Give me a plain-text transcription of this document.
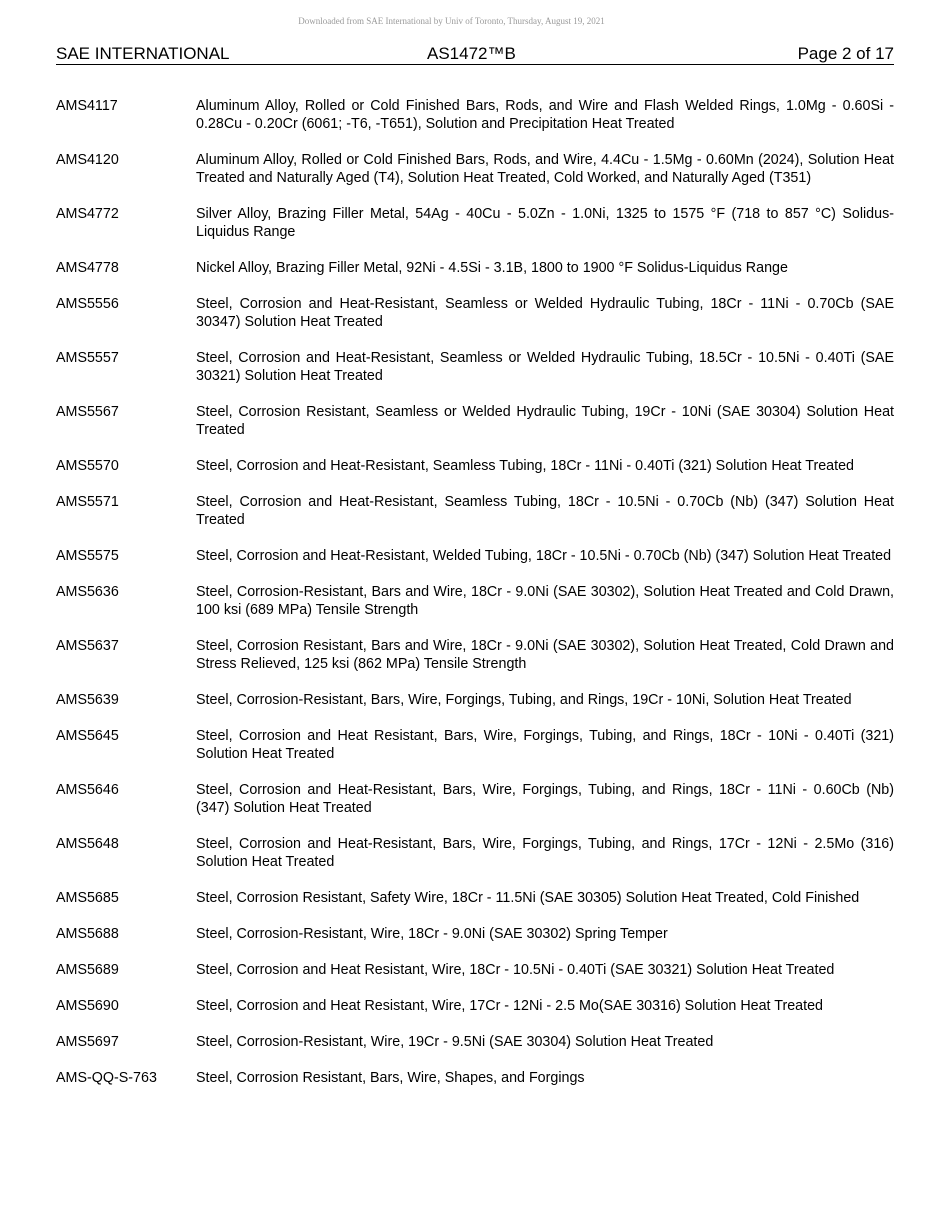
Downloaded from SAE International by Univ of Toronto, Thursday, August 19, 2021
SAE INTERNATIONAL	AS1472™B	Page 2 of 17
AMS4117	Aluminum Alloy, Rolled or Cold Finished Bars, Rods, and Wire and Flash Welded Rings, 1.0Mg - 0.60Si - 0.28Cu - 0.20Cr (6061; -T6, -T651), Solution and Precipitation Heat Treated
AMS4120	Aluminum Alloy, Rolled or Cold Finished Bars, Rods, and Wire, 4.4Cu - 1.5Mg - 0.60Mn (2024), Solution Heat Treated and Naturally Aged (T4), Solution Heat Treated, Cold Worked, and Naturally Aged (T351)
AMS4772	Silver Alloy, Brazing Filler Metal, 54Ag - 40Cu - 5.0Zn - 1.0Ni, 1325 to 1575 °F (718 to 857 °C) Solidus-Liquidus Range
AMS4778	Nickel Alloy, Brazing Filler Metal, 92Ni - 4.5Si - 3.1B, 1800 to 1900 °F Solidus-Liquidus Range
AMS5556	Steel, Corrosion and Heat-Resistant, Seamless or Welded Hydraulic Tubing, 18Cr - 11Ni - 0.70Cb (SAE 30347) Solution Heat Treated
AMS5557	Steel, Corrosion and Heat-Resistant, Seamless or Welded Hydraulic Tubing, 18.5Cr - 10.5Ni - 0.40Ti (SAE 30321) Solution Heat Treated
AMS5567	Steel, Corrosion Resistant, Seamless or Welded Hydraulic Tubing, 19Cr - 10Ni (SAE 30304) Solution Heat Treated
AMS5570	Steel, Corrosion and Heat-Resistant, Seamless Tubing, 18Cr - 11Ni - 0.40Ti (321) Solution Heat Treated
AMS5571	Steel, Corrosion and Heat-Resistant, Seamless Tubing, 18Cr - 10.5Ni - 0.70Cb (Nb) (347) Solution Heat Treated
AMS5575	Steel, Corrosion and Heat-Resistant, Welded Tubing, 18Cr - 10.5Ni - 0.70Cb (Nb) (347) Solution Heat Treated
AMS5636	Steel, Corrosion-Resistant, Bars and Wire, 18Cr - 9.0Ni (SAE 30302), Solution Heat Treated and Cold Drawn, 100 ksi (689 MPa) Tensile Strength
AMS5637	Steel, Corrosion Resistant, Bars and Wire, 18Cr - 9.0Ni (SAE 30302), Solution Heat Treated, Cold Drawn and Stress Relieved, 125 ksi (862 MPa) Tensile Strength
AMS5639	Steel, Corrosion-Resistant, Bars, Wire, Forgings, Tubing, and Rings, 19Cr - 10Ni, Solution Heat Treated
AMS5645	Steel, Corrosion and Heat Resistant, Bars, Wire, Forgings, Tubing, and Rings, 18Cr - 10Ni - 0.40Ti (321) Solution Heat Treated
AMS5646	Steel, Corrosion and Heat-Resistant, Bars, Wire, Forgings, Tubing, and Rings, 18Cr - 11Ni - 0.60Cb (Nb) (347) Solution Heat Treated
AMS5648	Steel, Corrosion and Heat-Resistant, Bars, Wire, Forgings, Tubing, and Rings, 17Cr - 12Ni - 2.5Mo (316) Solution Heat Treated
AMS5685	Steel, Corrosion Resistant, Safety Wire, 18Cr - 11.5Ni (SAE 30305) Solution Heat Treated, Cold Finished
AMS5688	Steel, Corrosion-Resistant, Wire, 18Cr - 9.0Ni (SAE 30302) Spring Temper
AMS5689	Steel, Corrosion and Heat Resistant, Wire, 18Cr - 10.5Ni - 0.40Ti (SAE 30321) Solution Heat Treated
AMS5690	Steel, Corrosion and Heat Resistant, Wire, 17Cr - 12Ni - 2.5 Mo(SAE 30316) Solution Heat Treated
AMS5697	Steel, Corrosion-Resistant, Wire, 19Cr - 9.5Ni (SAE 30304) Solution Heat Treated
AMS-QQ-S-763	Steel, Corrosion Resistant, Bars, Wire, Shapes, and Forgings
